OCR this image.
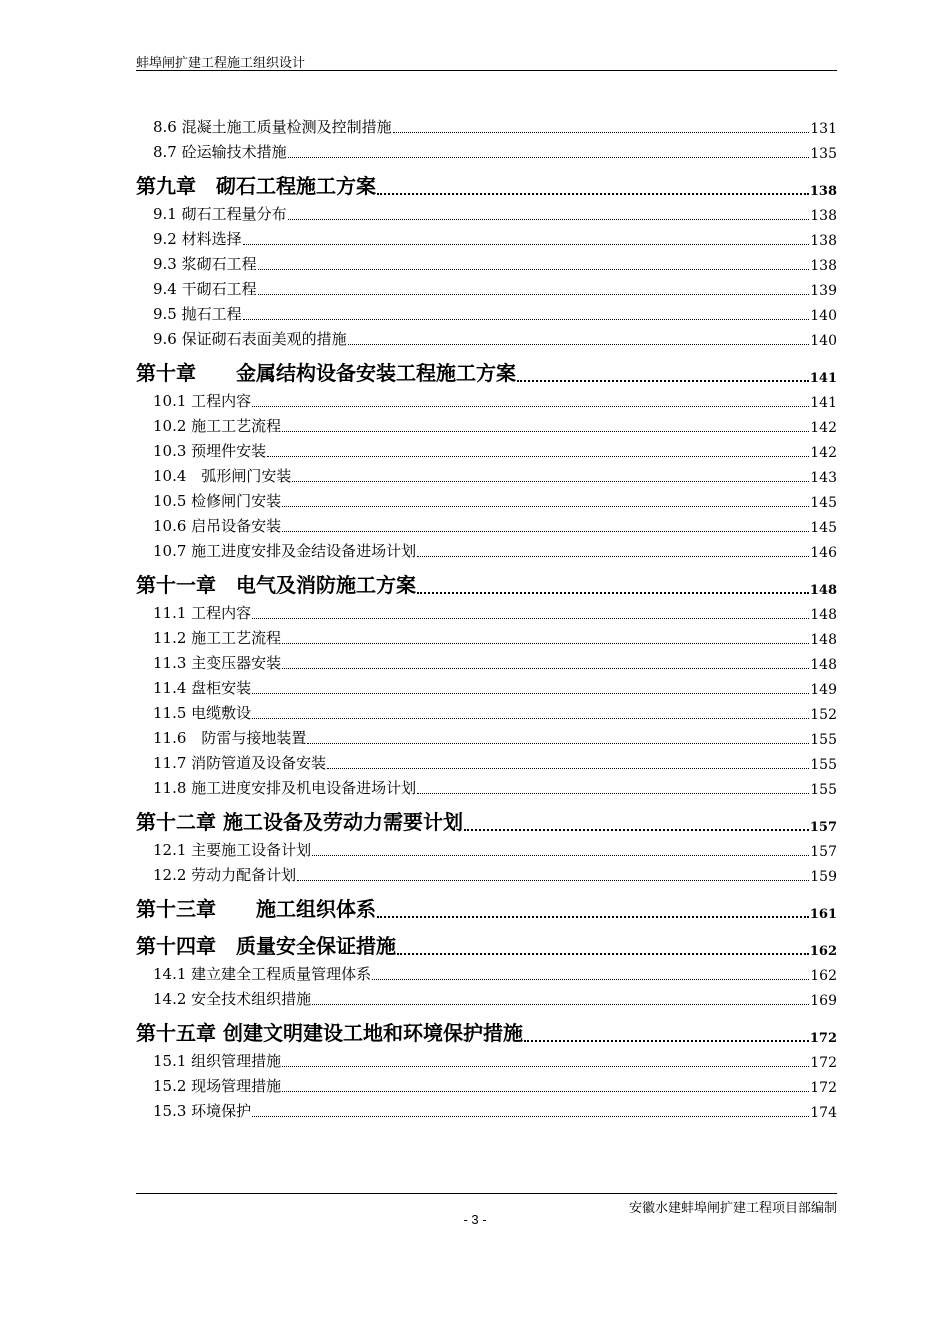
蚌埠闸扩建工程施工组织设计
8.6 混凝土施工质量检测及控制措施	131
8.7 砼运输技术措施	135
第九章　砌石工程施工方案	138
9.1 砌石工程量分布	138
9.2 材料选择	138
9.3 浆砌石工程	138
9.4 干砌石工程	139
9.5 抛石工程	140
9.6 保证砌石表面美观的措施	140
第十章　　金属结构设备安装工程施工方案	141
10.1 工程内容	141
10.2 施工工艺流程	142
10.3 预埋件安装	142
10.4　弧形闸门安装	143
10.5 检修闸门安装	145
10.6 启吊设备安装	145
10.7 施工进度安排及金结设备进场计划	146
第十一章　电气及消防施工方案	148
11.1 工程内容	148
11.2 施工工艺流程	148
11.3 主变压器安装	148
11.4 盘柜安装	149
11.5 电缆敷设	152
11.6　防雷与接地装置	155
11.7 消防管道及设备安装	155
11.8 施工进度安排及机电设备进场计划	155
第十二章 施工设备及劳动力需要计划	157
12.1 主要施工设备计划	157
12.2 劳动力配备计划	159
第十三章　　施工组织体系	161
第十四章　质量安全保证措施	162
14.1 建立建全工程质量管理体系	162
14.2 安全技术组织措施	169
第十五章 创建文明建设工地和环境保护措施	172
15.1 组织管理措施	172
15.2 现场管理措施	172
15.3 环境保护	174
安徽水建蚌埠闸扩建工程项目部编制
- 3 -
